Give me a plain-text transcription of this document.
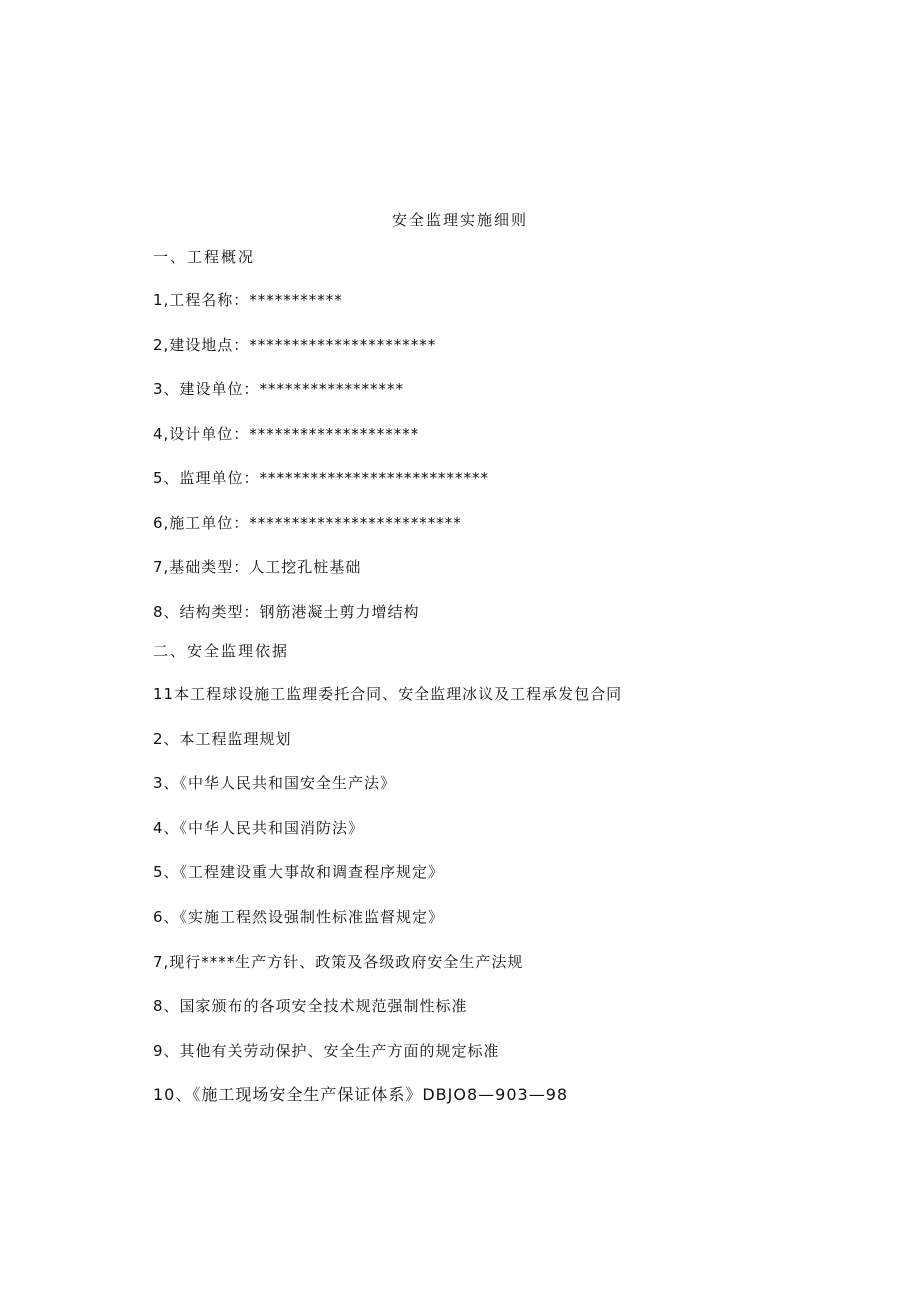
安全监理实施细则
一、工程概况
1,工程名称：***********
2,建设地点：**********************
3、建设单位：*****************
4,设计单位：********************
5、监理单位：***************************
6,施工单位：*************************
7,基础类型：人工挖孔桩基础
8、结构类型：钢筋港凝土剪力增结构
二、安全监理依据
11本工程球设施工监理委托合同、安全监理冰议及工程承发包合同
2、本工程监理规划
3、《中华人民共和国安全生产法》
4、《中华人民共和国消防法》
5、《工程建设重大事故和调查程序规定》
6、《实施工程然设强制性标准监督规定》
7,现行****生产方针、政策及各级政府安全生产法规
8、国家颁布的各项安全技术规范强制性标准
9、其他有关劳动保护、安全生产方面的规定标准
10、《施工现场安全生产保证体系》DBJO8—903—98
